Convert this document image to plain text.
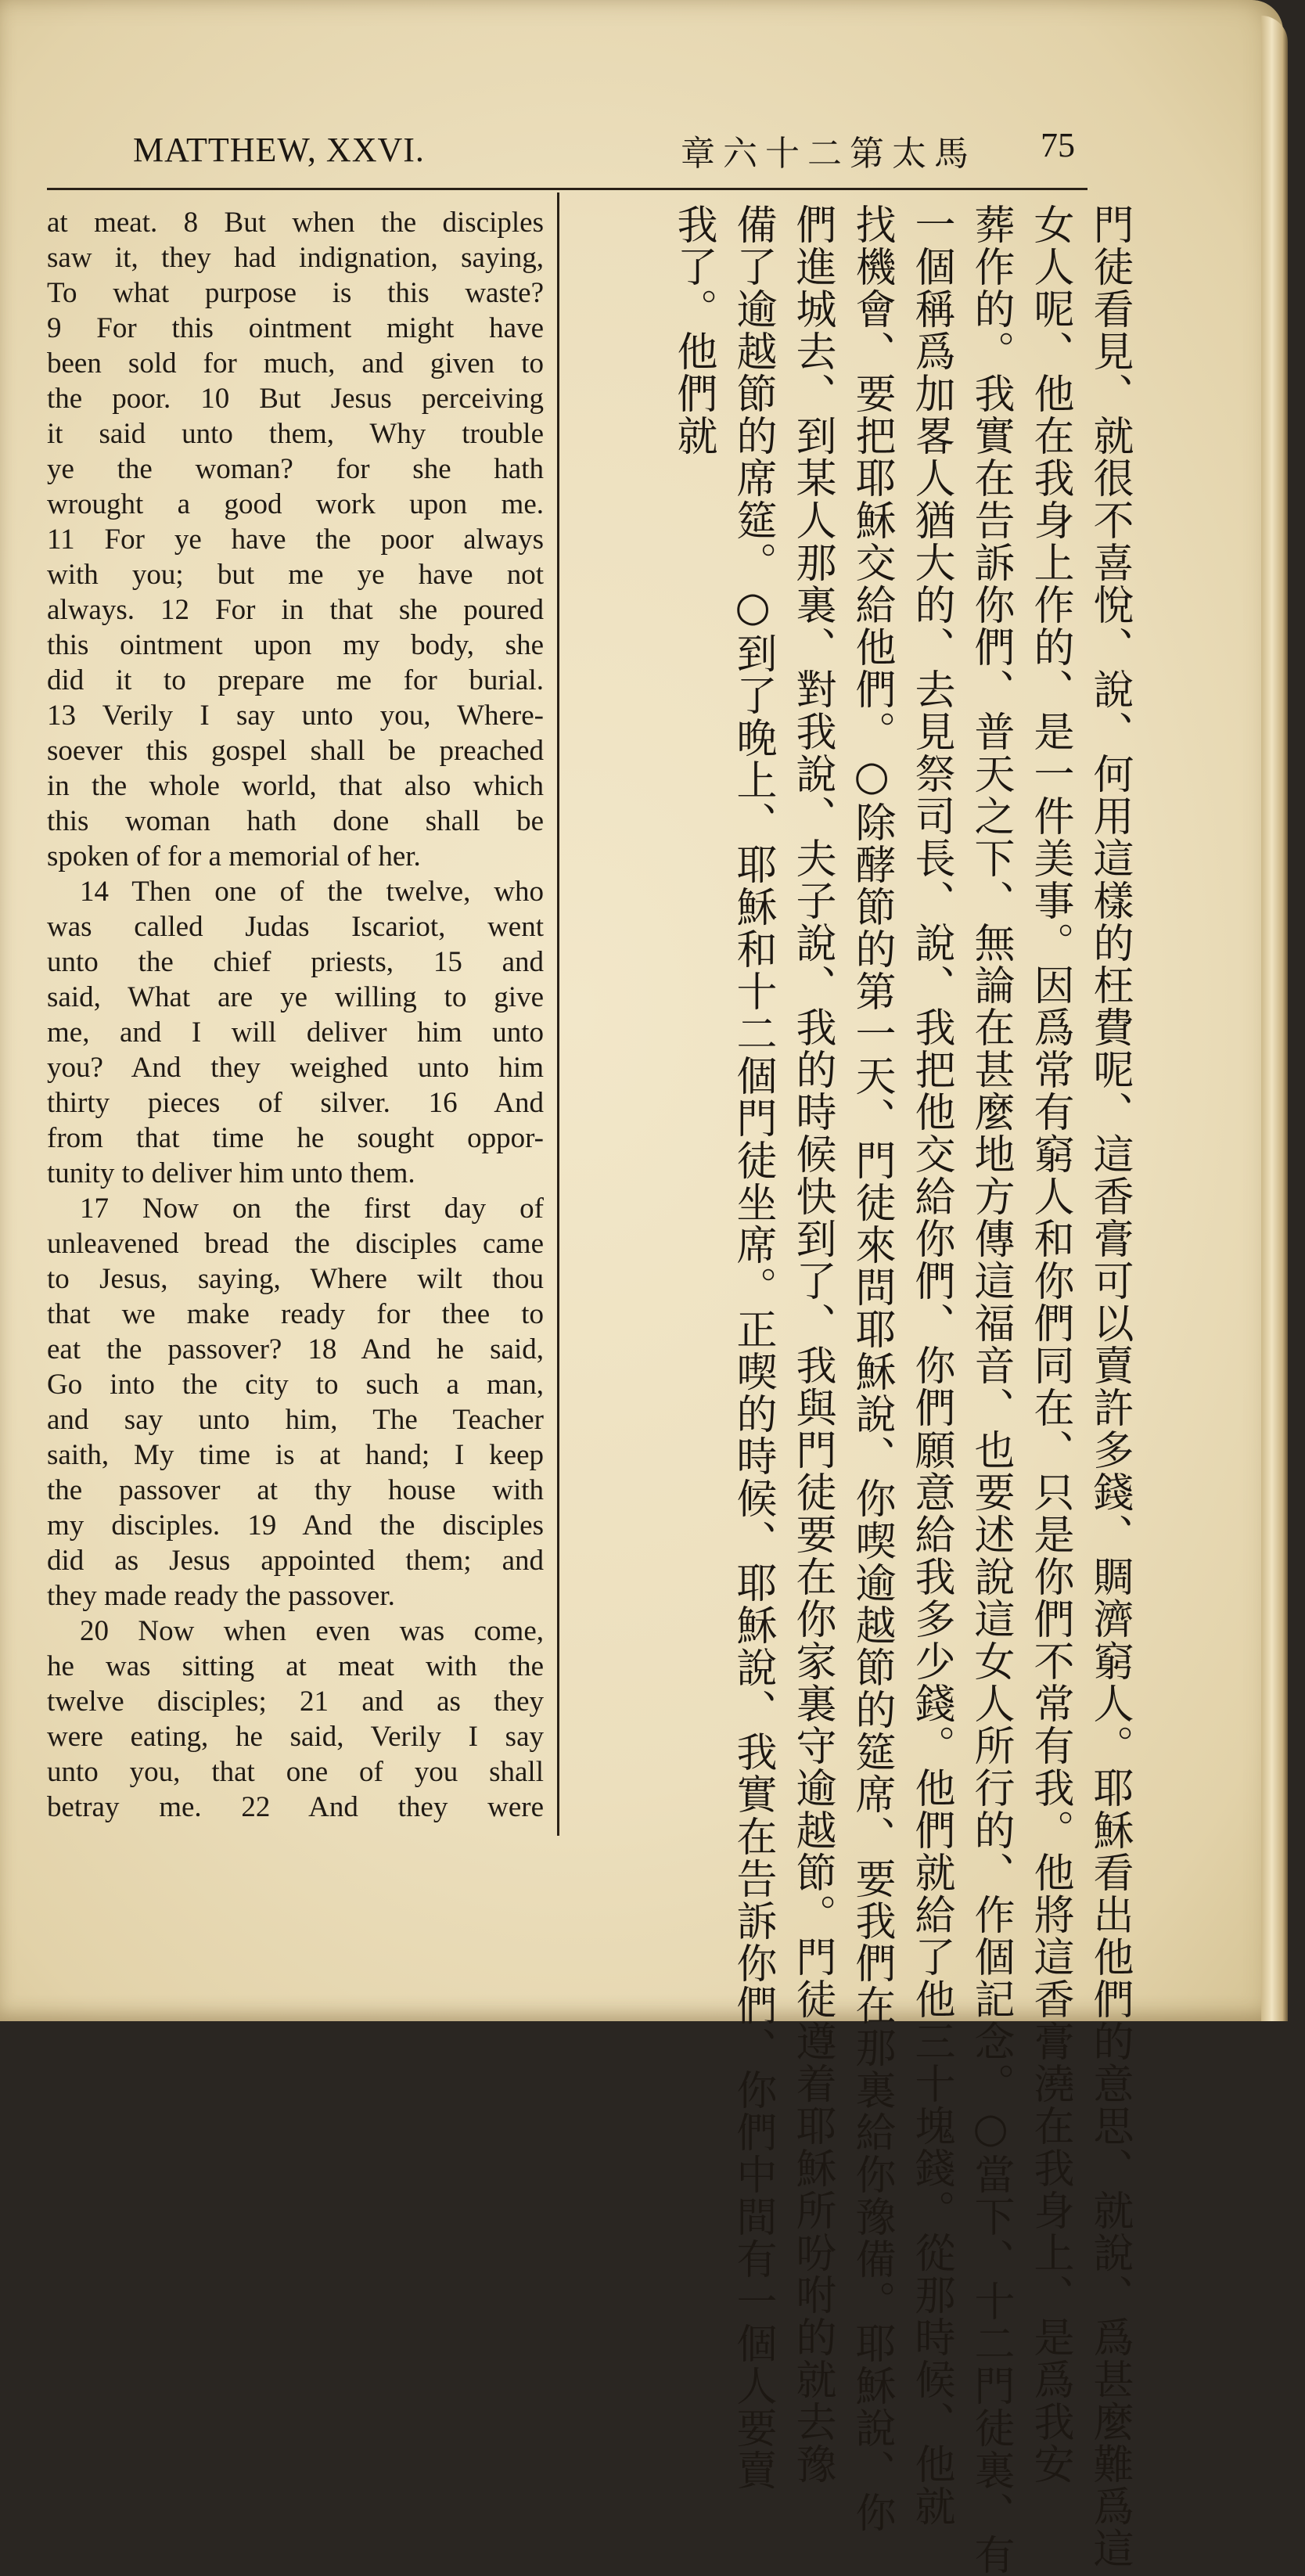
MATTHEW, XXVI.	章六十二第太馬 75
at meat. 8 But when the disciples
saw it, they had indignation, saying,
To what purpose is this waste?
9 For this ointment might have
been sold for much, and given to
the poor. 10 But Jesus perceiving
it said unto them, Why trouble
ye the woman? for she hath
wrought a good work upon me.
11 For ye have the poor always
with you; but me ye have not
always. 12 For in that she poured
this ointment upon my body, she
did it to prepare me for burial.
13 Verily I say unto you, Where-
soever this gospel shall be preached
in the whole world, that also which
this woman hath done shall be
spoken of for a memorial of her.
14 Then one of the twelve, who
was called Judas Iscariot, went
unto the chief priests, 15 and
said, What are ye willing to give
me, and I will deliver him unto
you? And they weighed unto him
thirty pieces of silver. 16 And
from that time he sought oppor-
tunity to deliver him unto them.
17 Now on the first day of
unleavened bread the disciples came
to Jesus, saying, Where wilt thou
that we make ready for thee to
eat the passover? 18 And he said,
Go into the city to such a man,
and say unto him, The Teacher
saith, My time is at hand; I keep
the passover at thy house with
my disciples. 19 And the disciples
did as Jesus appointed them; and
they made ready the passover.
20 Now when even was come,
he was sitting at meat with the
twelve disciples; 21 and as they
were eating, he said, Verily I say
unto you, that one of you shall
betray me. 22 And they were	門徒看見、就很不喜悅、說、何用這樣的枉費呢、這香膏可以賣許多錢、賙濟窮人。耶穌看出他們的意思、就說、爲甚麼難爲這
女人呢、他在我身上作的、是一件美事。因爲常有窮人和你們同在、只是你們不常有我。他將這香膏澆在我身上、是爲我安
葬作的。我實在告訴你們、普天之下、無論在甚麼地方傳這福音、也要述說這女人所行的、作個記念。○當下、十二門徒裏、有
一個稱爲加畧人猶大的、去見祭司長、說、我把他交給你們、你們願意給我多少錢。他們就給了他三十塊錢。從那時候、他就
找機會、要把耶穌交給他們。○除酵節的第一天、門徒來問耶穌說、你喫逾越節的筵席、要我們在那裏給你豫備。耶穌說、你
們進城去、到某人那裏、對我說、夫子說、我的時候快到了、我與門徒要在你家裏守逾越節。門徒遵着耶穌所吩咐的就去豫
備了逾越節的席筵。○到了晚上、耶穌和十二個門徒坐席。正喫的時候、耶穌說、我實在告訴你們、你們中間有一個人要賣
我了。他們就
